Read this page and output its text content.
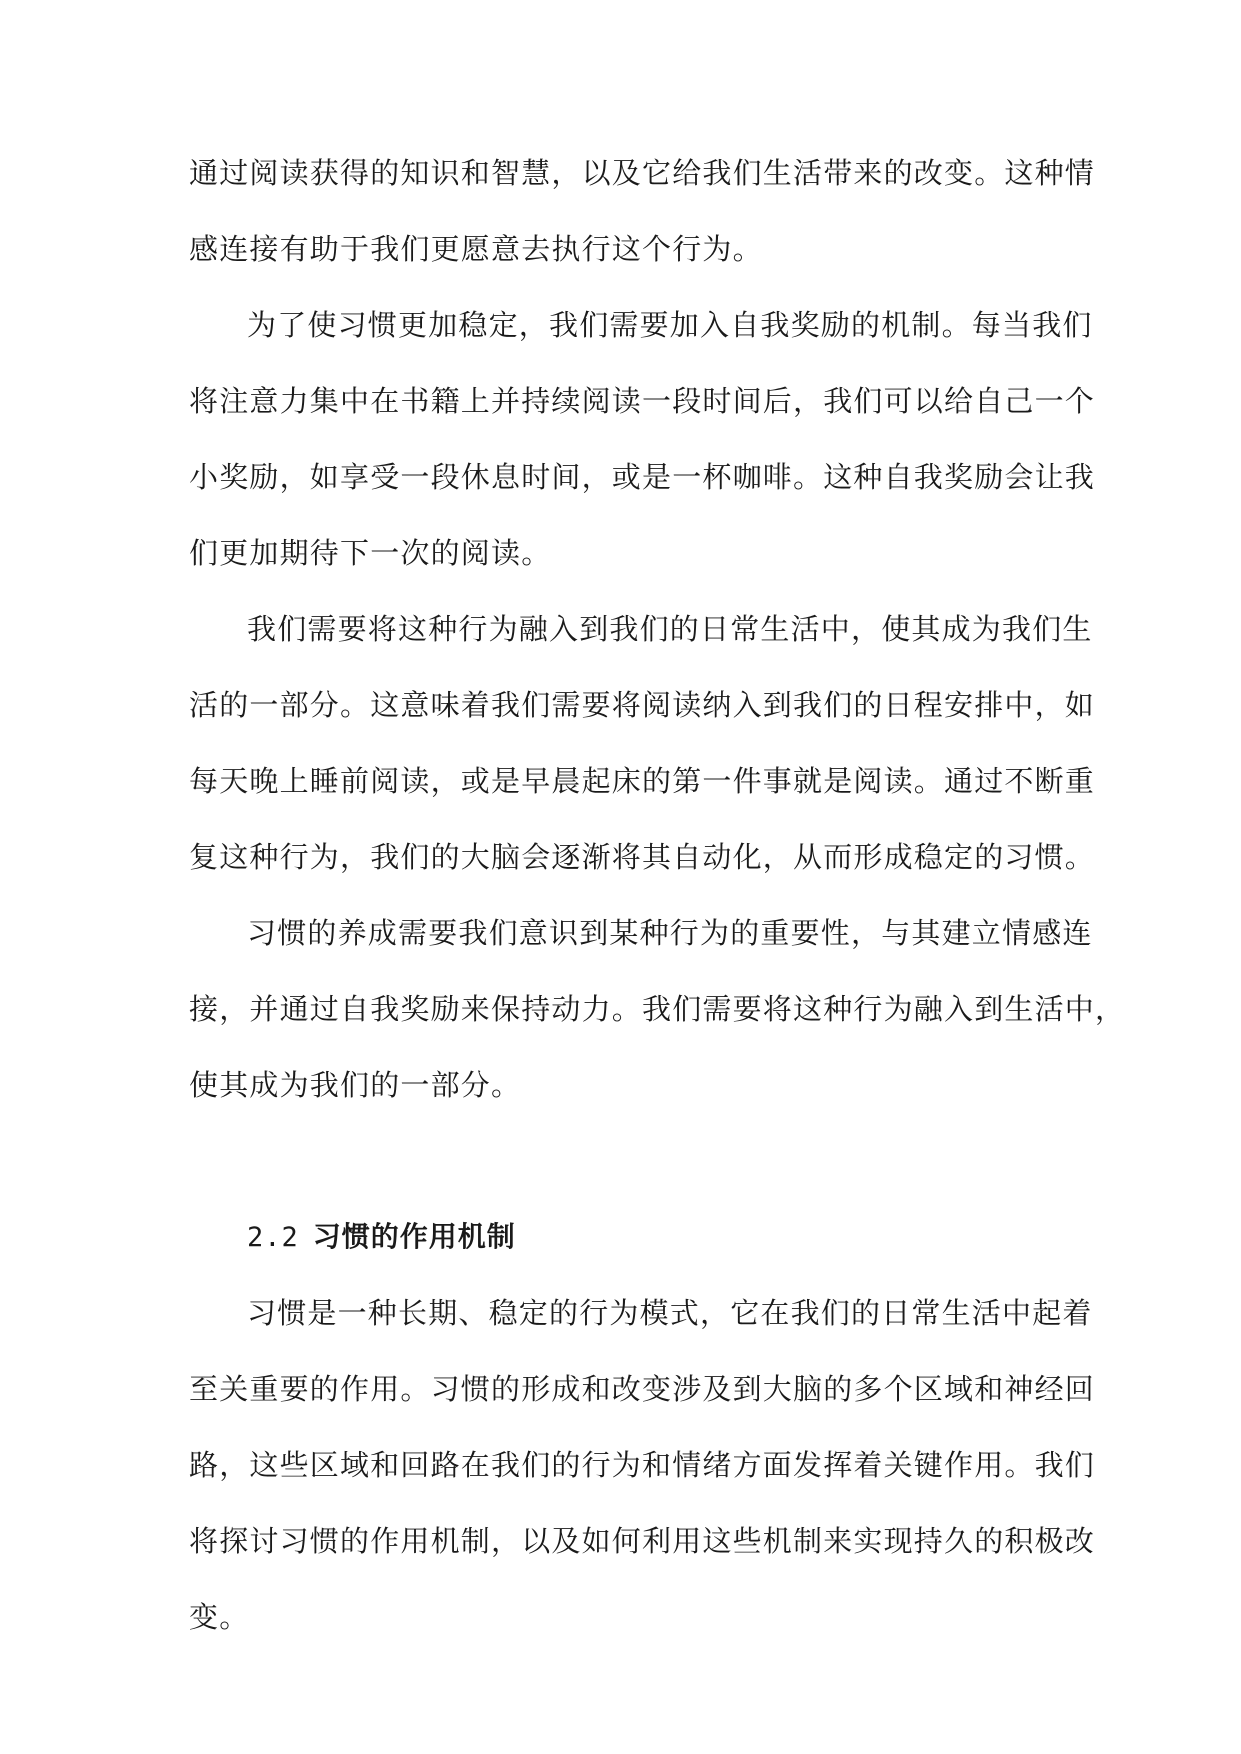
通过阅读获得的知识和智慧，以及它给我们生活带来的改变。这种情
感连接有助于我们更愿意去执行这个行为。
为了使习惯更加稳定，我们需要加入自我奖励的机制。每当我们
将注意力集中在书籍上并持续阅读一段时间后，我们可以给自己一个
小奖励，如享受一段休息时间，或是一杯咖啡。这种自我奖励会让我
们更加期待下一次的阅读。
我们需要将这种行为融入到我们的日常生活中，使其成为我们生
活的一部分。这意味着我们需要将阅读纳入到我们的日程安排中，如
每天晚上睡前阅读，或是早晨起床的第一件事就是阅读。通过不断重
复这种行为，我们的大脑会逐渐将其自动化，从而形成稳定的习惯。
习惯的养成需要我们意识到某种行为的重要性，与其建立情感连
接，并通过自我奖励来保持动力。我们需要将这种行为融入到生活中，
使其成为我们的一部分。
2.2 习惯的作用机制
习惯是一种长期、稳定的行为模式，它在我们的日常生活中起着
至关重要的作用。习惯的形成和改变涉及到大脑的多个区域和神经回
路，这些区域和回路在我们的行为和情绪方面发挥着关键作用。我们
将探讨习惯的作用机制，以及如何利用这些机制来实现持久的积极改
变。
